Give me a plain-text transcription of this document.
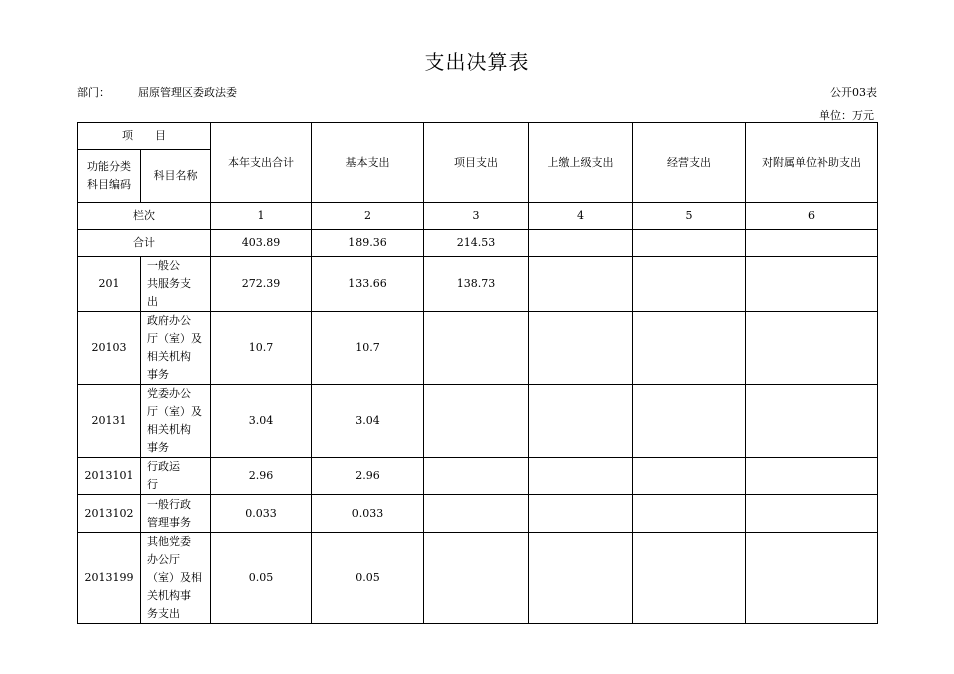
支出决算表
部门：	屈原管理区委政法委	公开03表
单位：万元
项　　目		本年支出合计	基本支出	项目支出	上缴上级支出	经营支出	对附属单位补助支出
功能分类
科目编码	科目名称						
栏次		1	2	3	4	5	6
合计		403.89	189.36	214.53			
201	一般公
共服务支
出	272.39	133.66	138.73			
20103	政府办公
厅（室）及
相关机构
事务	10.7	10.7				
20131	党委办公
厅（室）及
相关机构
事务	3.04	3.04				
2013101	行政运
行	2.96	2.96				
2013102	一般行政
管理事务	0.033	0.033				
2013199	其他党委
办公厅
（室）及相
关机构事
务支出	0.05	0.05				
